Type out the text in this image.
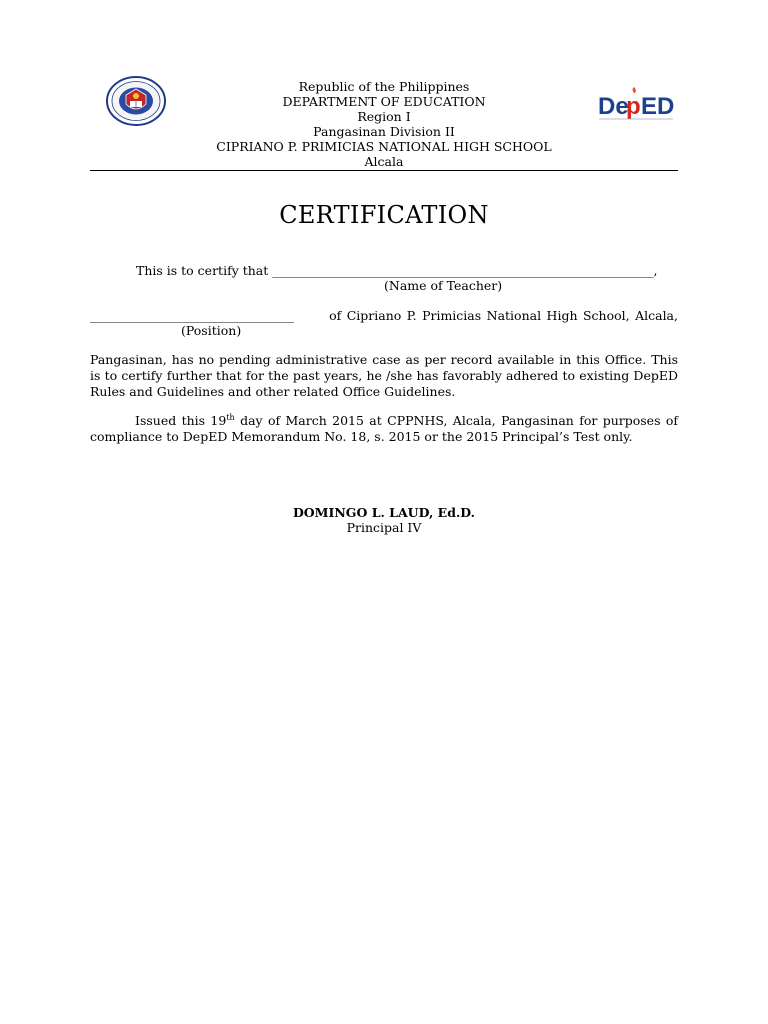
Republic of the Philippines
DEPARTMENT OF EDUCATION
Region I
Pangasinan Division II
CIPRIANO P. PRIMICIAS NATIONAL HIGH SCHOOL
Alcala
De
p ED
CERTIFICATION
This is to certify that _____________________________________________________________,
(Name of Teacher)
____________________________________	of Cipriano P. Primicias National High School, Alcala,
(Position)
Pangasinan, has no pending administrative case as per record available in this Office. This is to certify further that for the past years, he /she has favorably adhered to existing DepED Rules and Guidelines and other related Office Guidelines.
Issued this 19th day of March 2015 at CPPNHS, Alcala, Pangasinan for purposes of compliance to DepED Memorandum No. 18, s. 2015 or the 2015 Principal’s Test only.
DOMINGO L. LAUD, Ed.D.
Principal IV
